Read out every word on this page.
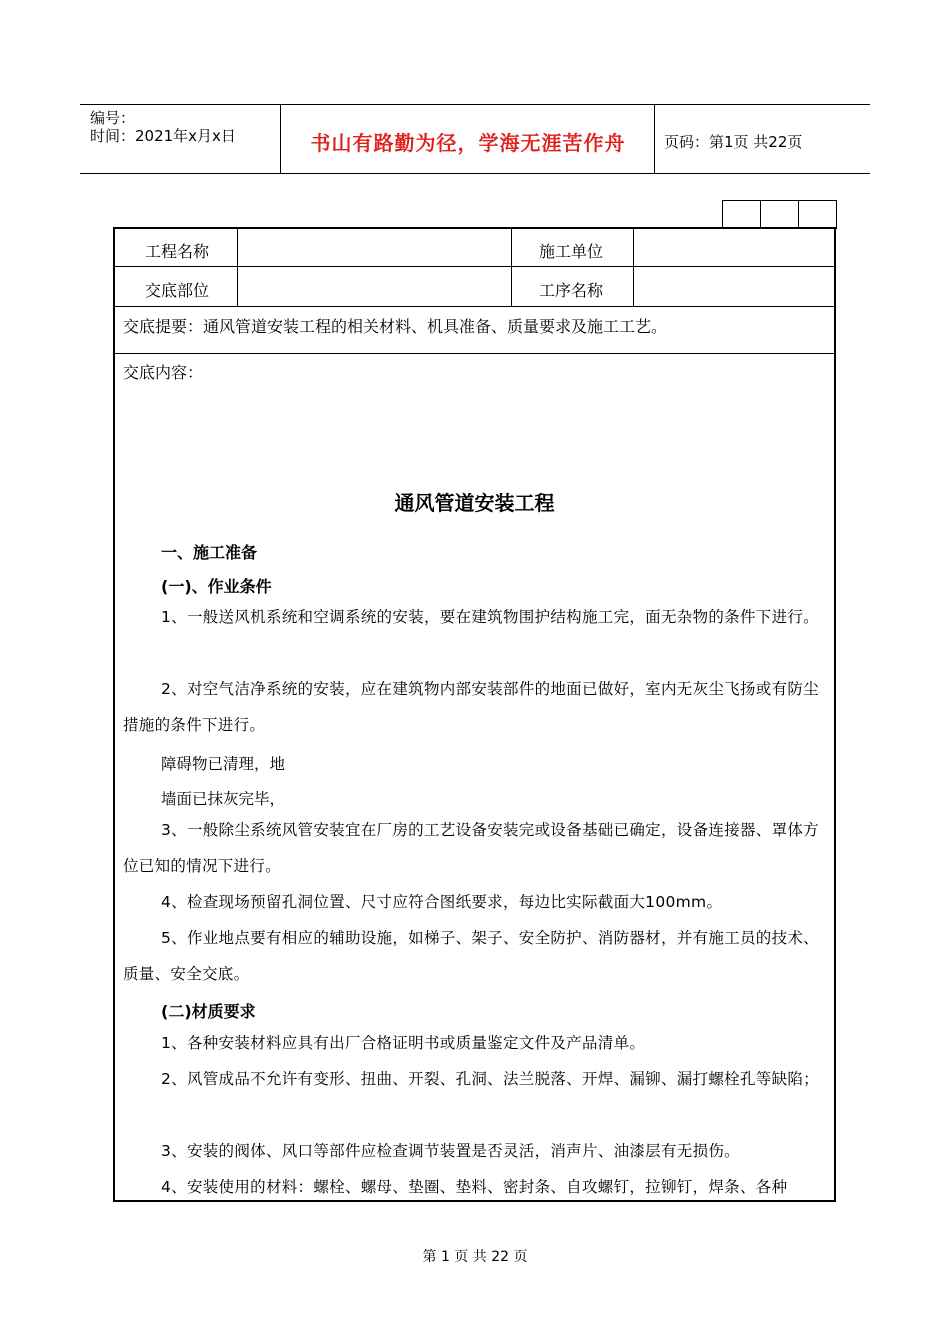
编号：
时间：2021年x月x日	书山有路勤为径，学海无涯苦作舟	页码：第1页 共22页
工程名称	施工单位
交底部位	工序名称
交底提要：通风管道安装工程的相关材料、机具准备、质量要求及施工工艺。
交底内容：
通风管道安装工程
一、施工准备
(一)、作业条件
1、一般送风机系统和空调系统的安装，要在建筑物围护结构施工完，面无杂物的条件下进行。
2、对空气洁净系统的安装，应在建筑物内部安装部件的地面已做好，室内无灰尘飞扬或有防尘措施的条件下进行。
障碍物已清理，地
墙面已抹灰完毕，
3、一般除尘系统风管安装宜在厂房的工艺设备安装完或设备基础已确定，设备连接器、罩体方位已知的情况下进行。
4、检查现场预留孔洞位置、尺寸应符合图纸要求，每边比实际截面大100mm。
5、作业地点要有相应的辅助设施，如梯子、架子、安全防护、消防器材，并有施工员的技术、质量、安全交底。
(二)材质要求
1、各种安装材料应具有出厂合格证明书或质量鉴定文件及产品清单。
2、风管成品不允许有变形、扭曲、开裂、孔洞、法兰脱落、开焊、漏铆、漏打螺栓孔等缺陷；
3、安装的阀体、风口等部件应检查调节装置是否灵活，消声片、油漆层有无损伤。
4、安装使用的材料：螺栓、螺母、垫圈、垫料、密封条、自攻螺钉，拉铆钉，焊条、各种
第 1 页 共 22 页
